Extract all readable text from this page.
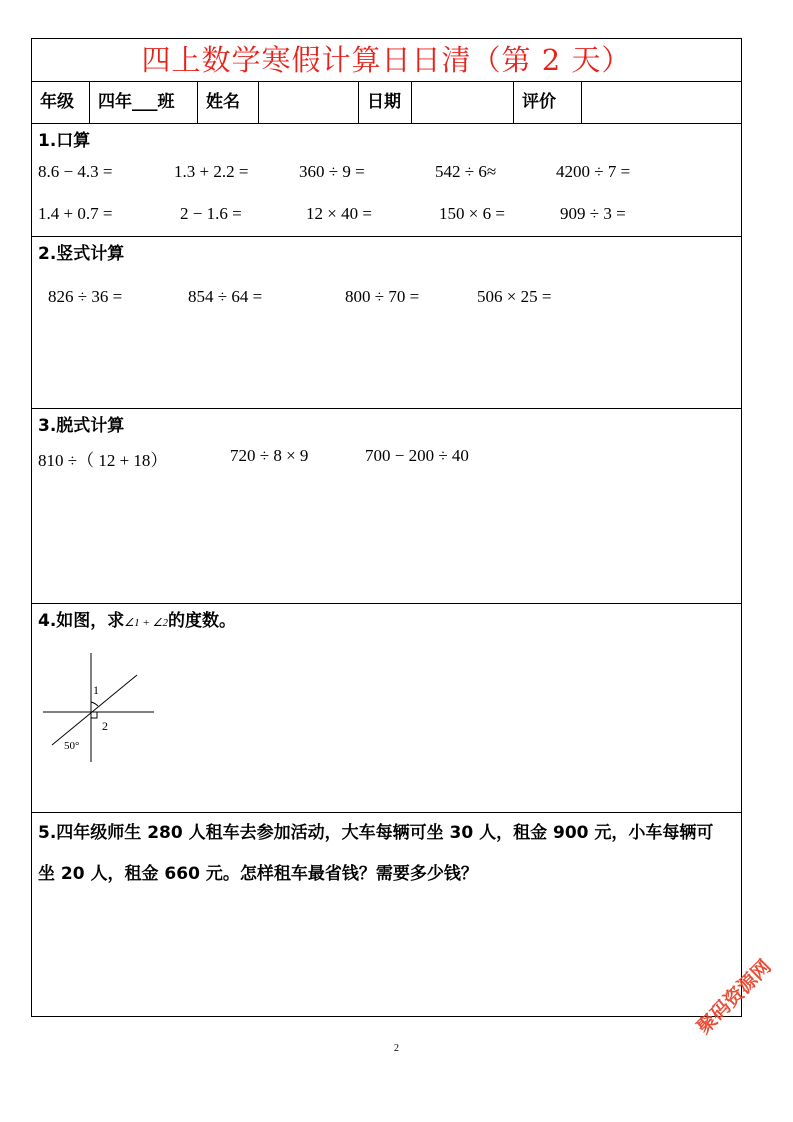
四上数学寒假计算日日清（第 2 天）
年级	四年___班	姓名	日期	评价
1.口算
8.6 − 4.3 =	1.3 + 2.2 =	360 ÷ 9 =	542 ÷ 6≈	4200 ÷ 7 =
1.4 + 0.7 =	2 − 1.6 =	12 × 40 =	150 × 6 =	909 ÷ 3 =
2.竖式计算
826 ÷ 36 =	854 ÷ 64 =	800 ÷ 70 =	506 × 25 =
3.脱式计算
810 ÷（ 12 + 18）	720 ÷ 8 × 9	700 − 200 ÷ 40
4.如图，求∠1 + ∠2的度数。
1
2
50°
5.四年级师生 280 人租车去参加活动，大车每辆可坐 30 人，租金 900 元，小车每辆可
坐 20 人，租金 660 元。怎样租车最省钱？需要多少钱？
2
聚码资源网
